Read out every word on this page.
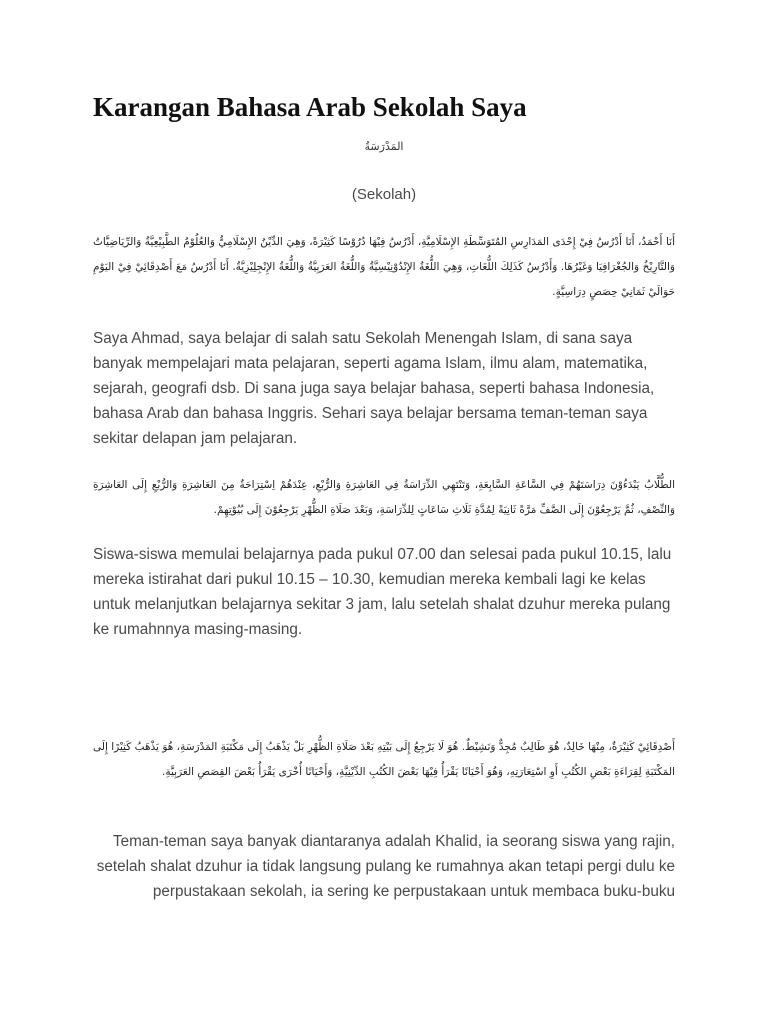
Karangan Bahasa Arab Sekolah Saya
المَدْرَسَةُ
(Sekolah)
أَنَا أَحْمَدُ، أَنَا أَدْرُسُ فِيْ إِحْدَى المَدَارِسِ المُتَوَسِّطَةِ الإِسْلَامِيَّةِ، أَدْرُسُ فِيْهَا دُرُوْسًا كَثِيْرَةً، وَهِيَ الدِّيْنُ الإِسْلَامِيُّ وَالعُلُوْمُ الطَّبِيْعِيَّةُ وَالرِّيَاضِيَّاتُ وَالتَّارِيْخُ وَالجُغْرَافِيَا وَغَيْرُهَا. وَأَدْرُسُ كَذَلِكَ اللُّغَاتِ، وَهِيَ اللُّغَةُ الإِنْدُوْنِيْسِيَّةُ وَاللُّغَةُ العَرَبِيَّةُ وَاللُّغَةُ الإِنْجِلِيْزِيَّةُ. أَنَا أَدْرُسُ مَعَ أَصْدِقَائِيْ فِيْ اليَوْمِ حَوَالَيْ ثَمَانِيْ حِصَصٍ دِرَاسِيَّةٍ.

Saya Ahmad, saya belajar di salah satu Sekolah Menengah Islam, di sana saya banyak mempelajari mata pelajaran, seperti agama Islam, ilmu alam, matematika, sejarah, geografi dsb. Di sana juga saya belajar bahasa, seperti bahasa Indonesia, bahasa Arab dan bahasa Inggris. Sehari saya belajar bersama teman-teman saya sekitar delapan jam pelajaran.

الطُّلَّابُ يَبْدَءُوْنَ دِرَاسَتَهُمْ فِي السَّاعَةِ السَّابِعَةِ، وَتَنْتَهِي الدِّرَاسَةُ فِي العَاشِرَةِ وَالرُّبْعِ، عِنْدَهُمْ اِسْتِرَاحَةٌ مِنَ العَاشِرَةِ وَالرُّبْعِ إِلَى العَاشِرَةِ وَالنِّصْفِ، ثُمَّ يَرْجِعُوْنَ إِلَى الصَّفِّ مَرَّةً ثَانِيَةً لِمُدَّةِ ثَلَاثِ سَاعَاتٍ لِلدِّرَاسَةِ، وَبَعْدَ صَلَاةِ الظُّهْرِ يَرْجِعُوْنَ إِلَى بُيُوْتِهِمْ.

Siswa-siswa memulai belajarnya pada pukul 07.00 dan selesai pada pukul 10.15, lalu mereka istirahat dari pukul 10.15 – 10.30, kemudian mereka kembali lagi ke kelas untuk melanjutkan belajarnya sekitar 3 jam, lalu setelah shalat dzuhur mereka pulang ke rumahnnya masing-masing.

أَصْدِقَائِيْ كَثِيْرَةٌ، مِنْهَا خَالِدٌ، هُوَ طَالِبٌ مُجِدٌّ وَنَشِيْطٌ. هُوَ لَا يَرْجِعُ إِلَى بَيْتِهِ بَعْدَ صَلَاةِ الظُّهْرِ بَلْ يَذْهَبُ إِلَى مَكْتَبَةِ المَدْرَسَةِ، هُوَ يَذْهَبُ كَثِيْرًا إِلَى المَكْتَبَةِ لِقِرَاءَةِ بَعْضِ الكُتُبِ أَوِ اسْتِعَارَتِهِ، وَهُوَ أَحْيَانًا يَقْرَأُ فِيْهَا بَعْضَ الكُتُبِ الدِّيْنِيَّةِ، وَأَحْيَانًا أُخْرَى يَقْرَأُ بَعْضَ القِصَصِ العَرَبِيَّةِ.

Teman-teman saya banyak diantaranya adalah Khalid, ia seorang siswa yang rajin, setelah shalat dzuhur ia tidak langsung pulang ke rumahnya akan tetapi pergi dulu ke perpustakaan sekolah, ia sering ke perpustakaan untuk membaca buku-buku
